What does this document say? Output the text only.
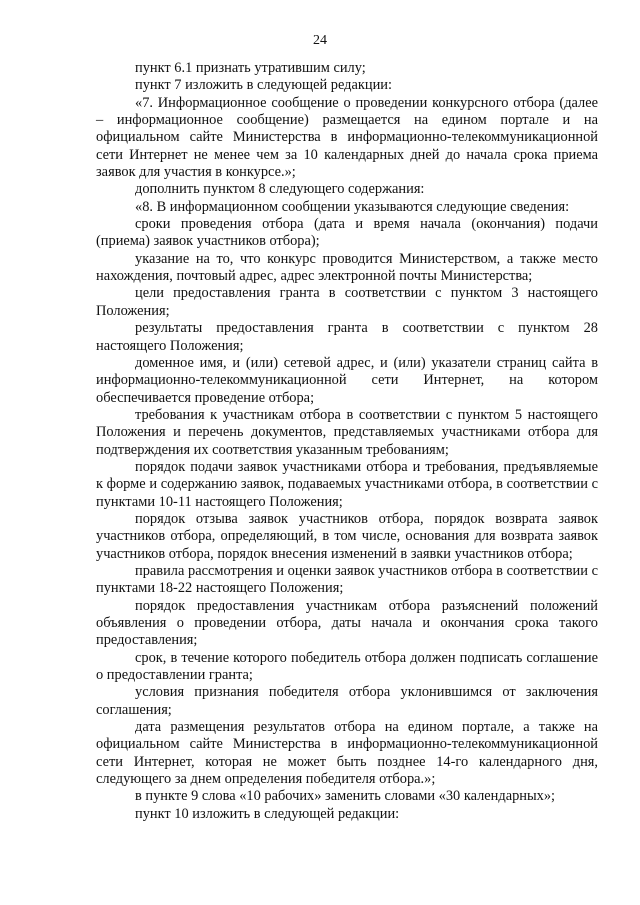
24

пункт 6.1 признать утратившим силу;

пункт 7 изложить в следующей редакции:

«7. Информационное сообщение о проведении конкурсного отбора (далее – информационное сообщение) размещается на едином портале и на официальном сайте Министерства в информационно-телекоммуникационной сети Интернет не менее чем за 10 календарных дней до начала срока приема заявок для участия в конкурсе.»;

дополнить пунктом 8 следующего содержания:

«8. В информационном сообщении указываются следующие сведения:

сроки проведения отбора (дата и время начала (окончания) подачи (приема) заявок участников отбора);

указание на то, что конкурс проводится Министерством, а также место нахождения, почтовый адрес, адрес электронной почты Министерства;

цели предоставления гранта в соответствии с пунктом 3 настоящего Положения;

результаты предоставления гранта в соответствии с пунктом 28 настоящего Положения;

доменное имя, и (или) сетевой адрес, и (или) указатели страниц сайта в информационно-телекоммуникационной сети Интернет, на котором обеспечивается проведение отбора;

требования к участникам отбора в соответствии с пунктом 5 настоящего Положения и перечень документов, представляемых участниками отбора для подтверждения их соответствия указанным требованиям;

порядок подачи заявок участниками отбора и требования, предъявляемые к форме и содержанию заявок, подаваемых участниками отбора, в соответствии с пунктами 10-11 настоящего Положения;

порядок отзыва заявок участников отбора, порядок возврата заявок участников отбора, определяющий, в том числе, основания для возврата заявок участников отбора, порядок внесения изменений в заявки участников отбора;

правила рассмотрения и оценки заявок участников отбора в соответствии с пунктами 18-22 настоящего Положения;

порядок предоставления участникам отбора разъяснений положений объявления о проведении отбора, даты начала и окончания срока такого предоставления;

срок, в течение которого победитель отбора должен подписать соглашение о предоставлении гранта;

условия признания победителя отбора уклонившимся от заключения соглашения;

дата размещения результатов отбора на едином портале, а также на официальном сайте Министерства в информационно-телекоммуникационной сети Интернет, которая не может быть позднее 14-го календарного дня, следующего за днем определения победителя отбора.»;

в пункте 9 слова «10 рабочих» заменить словами «30 календарных»;

пункт 10 изложить в следующей редакции:
